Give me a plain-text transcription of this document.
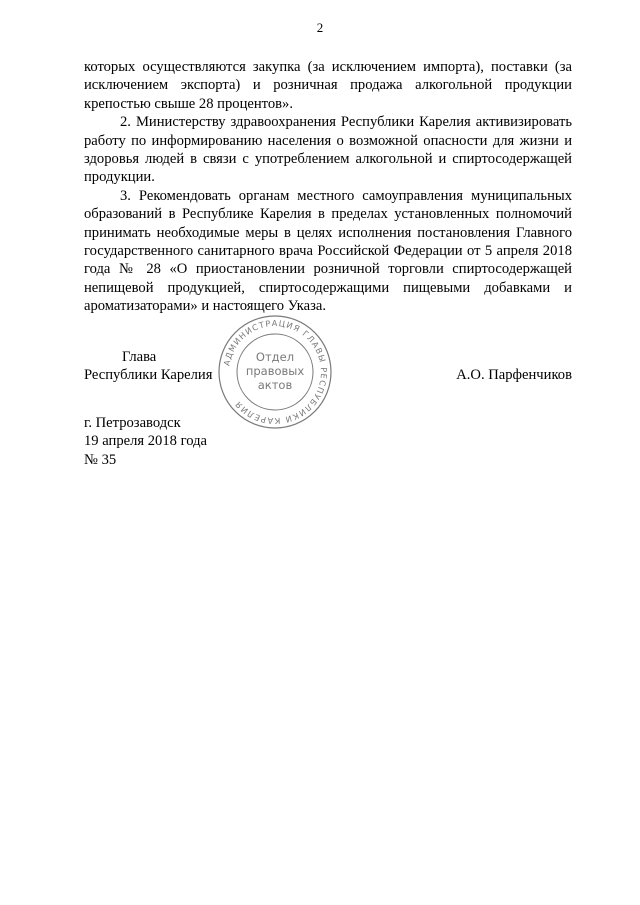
2

которых осуществляются закупка (за исключением импорта), поставки (за исключением экспорта) и розничная продажа алкогольной продукции крепостью свыше 28 процентов».

2. Министерству здравоохранения Республики Карелия активизировать работу по информированию населения о возможной опасности для жизни и здоровья людей в связи с употреблением алкогольной и спиртосодержащей продукции.

3. Рекомендовать органам местного самоуправления муниципальных образований в Республике Карелия в пределах установленных полномочий принимать необходимые меры в целях исполнения постановления Главного государственного санитарного врача Российской Федерации от 5 апреля 2018 года № 28 «О приостановлении розничной торговли спиртосодержащей непищевой продукцией, спиртосодержащими пищевыми добавками и ароматизаторами» и настоящего Указа.

Глава
Республики Карелия	А.О. Парфенчиков
АДМИНИСТРАЦИЯ ГЛАВЫ РЕСПУБЛИКИ КАРЕЛИЯ
Отдел
правовых
актов
г. Петрозаводск
19 апреля 2018 года
№ 35
